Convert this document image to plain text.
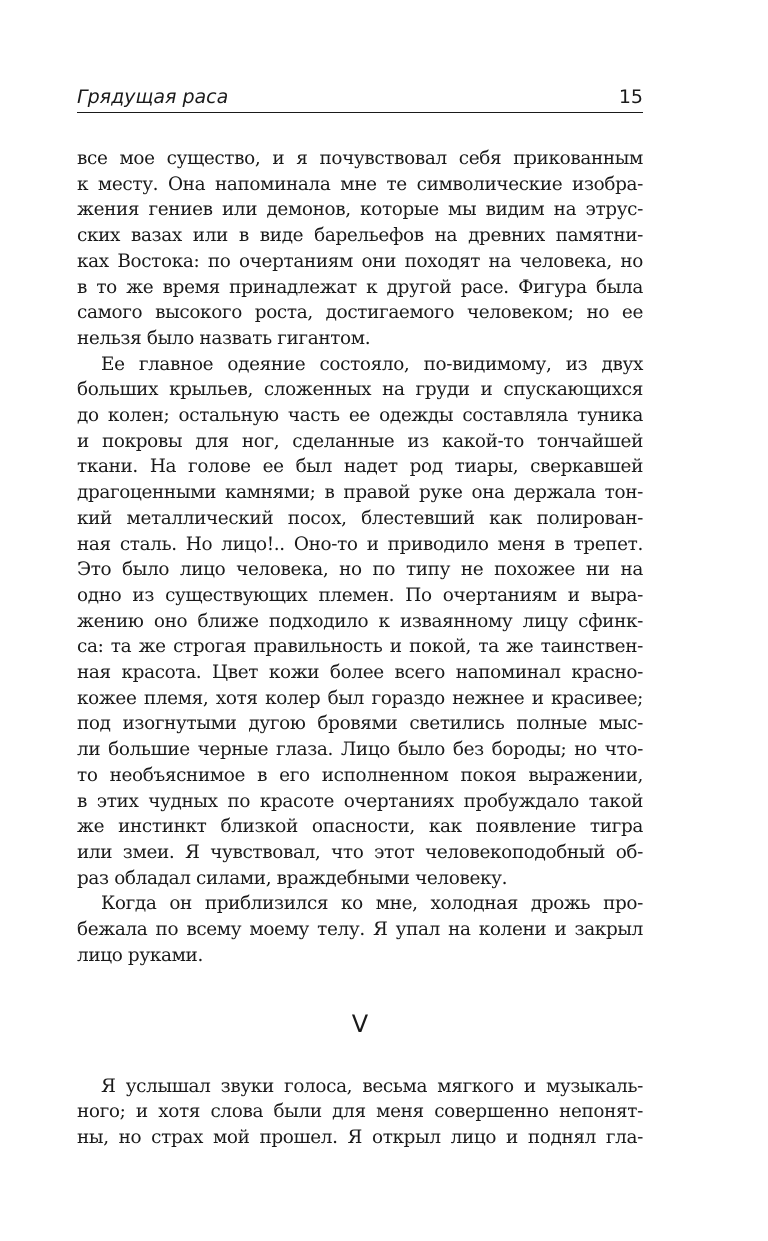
Грядущая раса	15

все мое существо, и я почувствовал себя прикованным
к месту. Она напоминала мне те символические изобра-
жения гениев или демонов, которые мы видим на этрус-
ских вазах или в виде барельефов на древних памятни-
ках Востока: по очертаниям они походят на человека, но
в то же время принадлежат к другой расе. Фигура была
самого высокого роста, достигаемого человеком; но ее
нельзя было назвать гигантом.

Ее главное одеяние состояло, по-видимому, из двух
больших крыльев, сложенных на груди и спускающихся
до колен; остальную часть ее одежды составляла туника
и покровы для ног, сделанные из какой-то тончайшей
ткани. На голове ее был надет род тиары, сверкавшей
драгоценными камнями; в правой руке она держала тон-
кий металлический посох, блестевший как полирован-
ная сталь. Но лицо!.. Оно-то и приводило меня в трепет.
Это было лицо человека, но по типу не похожее ни на
одно из существующих племен. По очертаниям и выра-
жению оно ближе подходило к изваянному лицу сфинк-
са: та же строгая правильность и покой, та же таинствен-
ная красота. Цвет кожи более всего напоминал красно-
кожее племя, хотя колер был гораздо нежнее и красивее;
под изогнутыми дугою бровями светились полные мыс-
ли большие черные глаза. Лицо было без бороды; но что-
то необъяснимое в его исполненном покоя выражении,
в этих чудных по красоте очертаниях пробуждало такой
же инстинкт близкой опасности, как появление тигра
или змеи. Я чувствовал, что этот человекоподобный об-
раз обладал силами, враждебными человеку.

Когда он приблизился ко мне, холодная дрожь про-
бежала по всему моему телу. Я упал на колени и закрыл
лицо руками.

V

Я услышал звуки голоса, весьма мягкого и музыкаль-
ного; и хотя слова были для меня совершенно непонят-
ны, но страх мой прошел. Я открыл лицо и поднял гла-
